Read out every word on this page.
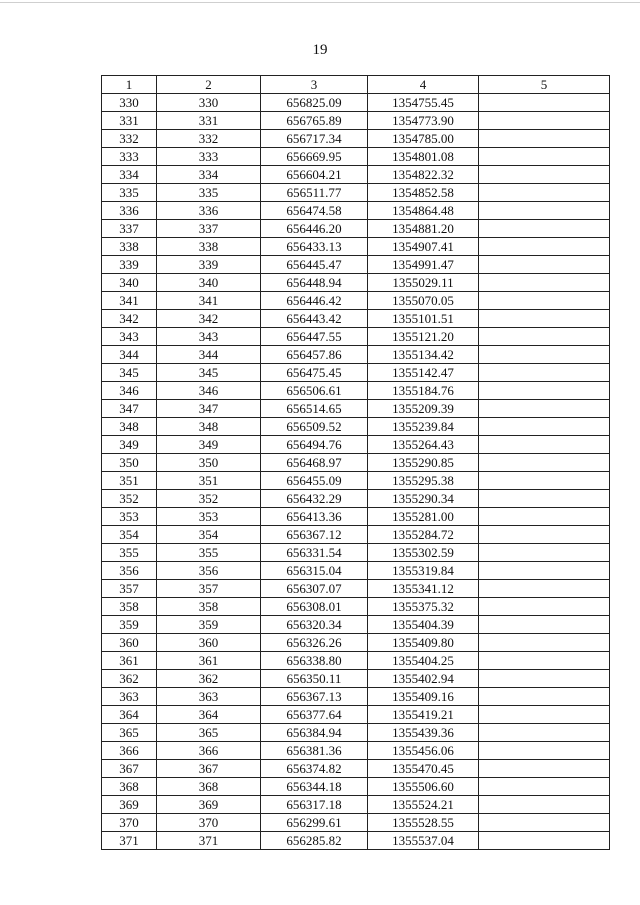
19
1	2	3	4	5
330	330	656825.09	1354755.45	
331	331	656765.89	1354773.90	
332	332	656717.34	1354785.00	
333	333	656669.95	1354801.08	
334	334	656604.21	1354822.32	
335	335	656511.77	1354852.58	
336	336	656474.58	1354864.48	
337	337	656446.20	1354881.20	
338	338	656433.13	1354907.41	
339	339	656445.47	1354991.47	
340	340	656448.94	1355029.11	
341	341	656446.42	1355070.05	
342	342	656443.42	1355101.51	
343	343	656447.55	1355121.20	
344	344	656457.86	1355134.42	
345	345	656475.45	1355142.47	
346	346	656506.61	1355184.76	
347	347	656514.65	1355209.39	
348	348	656509.52	1355239.84	
349	349	656494.76	1355264.43	
350	350	656468.97	1355290.85	
351	351	656455.09	1355295.38	
352	352	656432.29	1355290.34	
353	353	656413.36	1355281.00	
354	354	656367.12	1355284.72	
355	355	656331.54	1355302.59	
356	356	656315.04	1355319.84	
357	357	656307.07	1355341.12	
358	358	656308.01	1355375.32	
359	359	656320.34	1355404.39	
360	360	656326.26	1355409.80	
361	361	656338.80	1355404.25	
362	362	656350.11	1355402.94	
363	363	656367.13	1355409.16	
364	364	656377.64	1355419.21	
365	365	656384.94	1355439.36	
366	366	656381.36	1355456.06	
367	367	656374.82	1355470.45	
368	368	656344.18	1355506.60	
369	369	656317.18	1355524.21	
370	370	656299.61	1355528.55	
371	371	656285.82	1355537.04	
